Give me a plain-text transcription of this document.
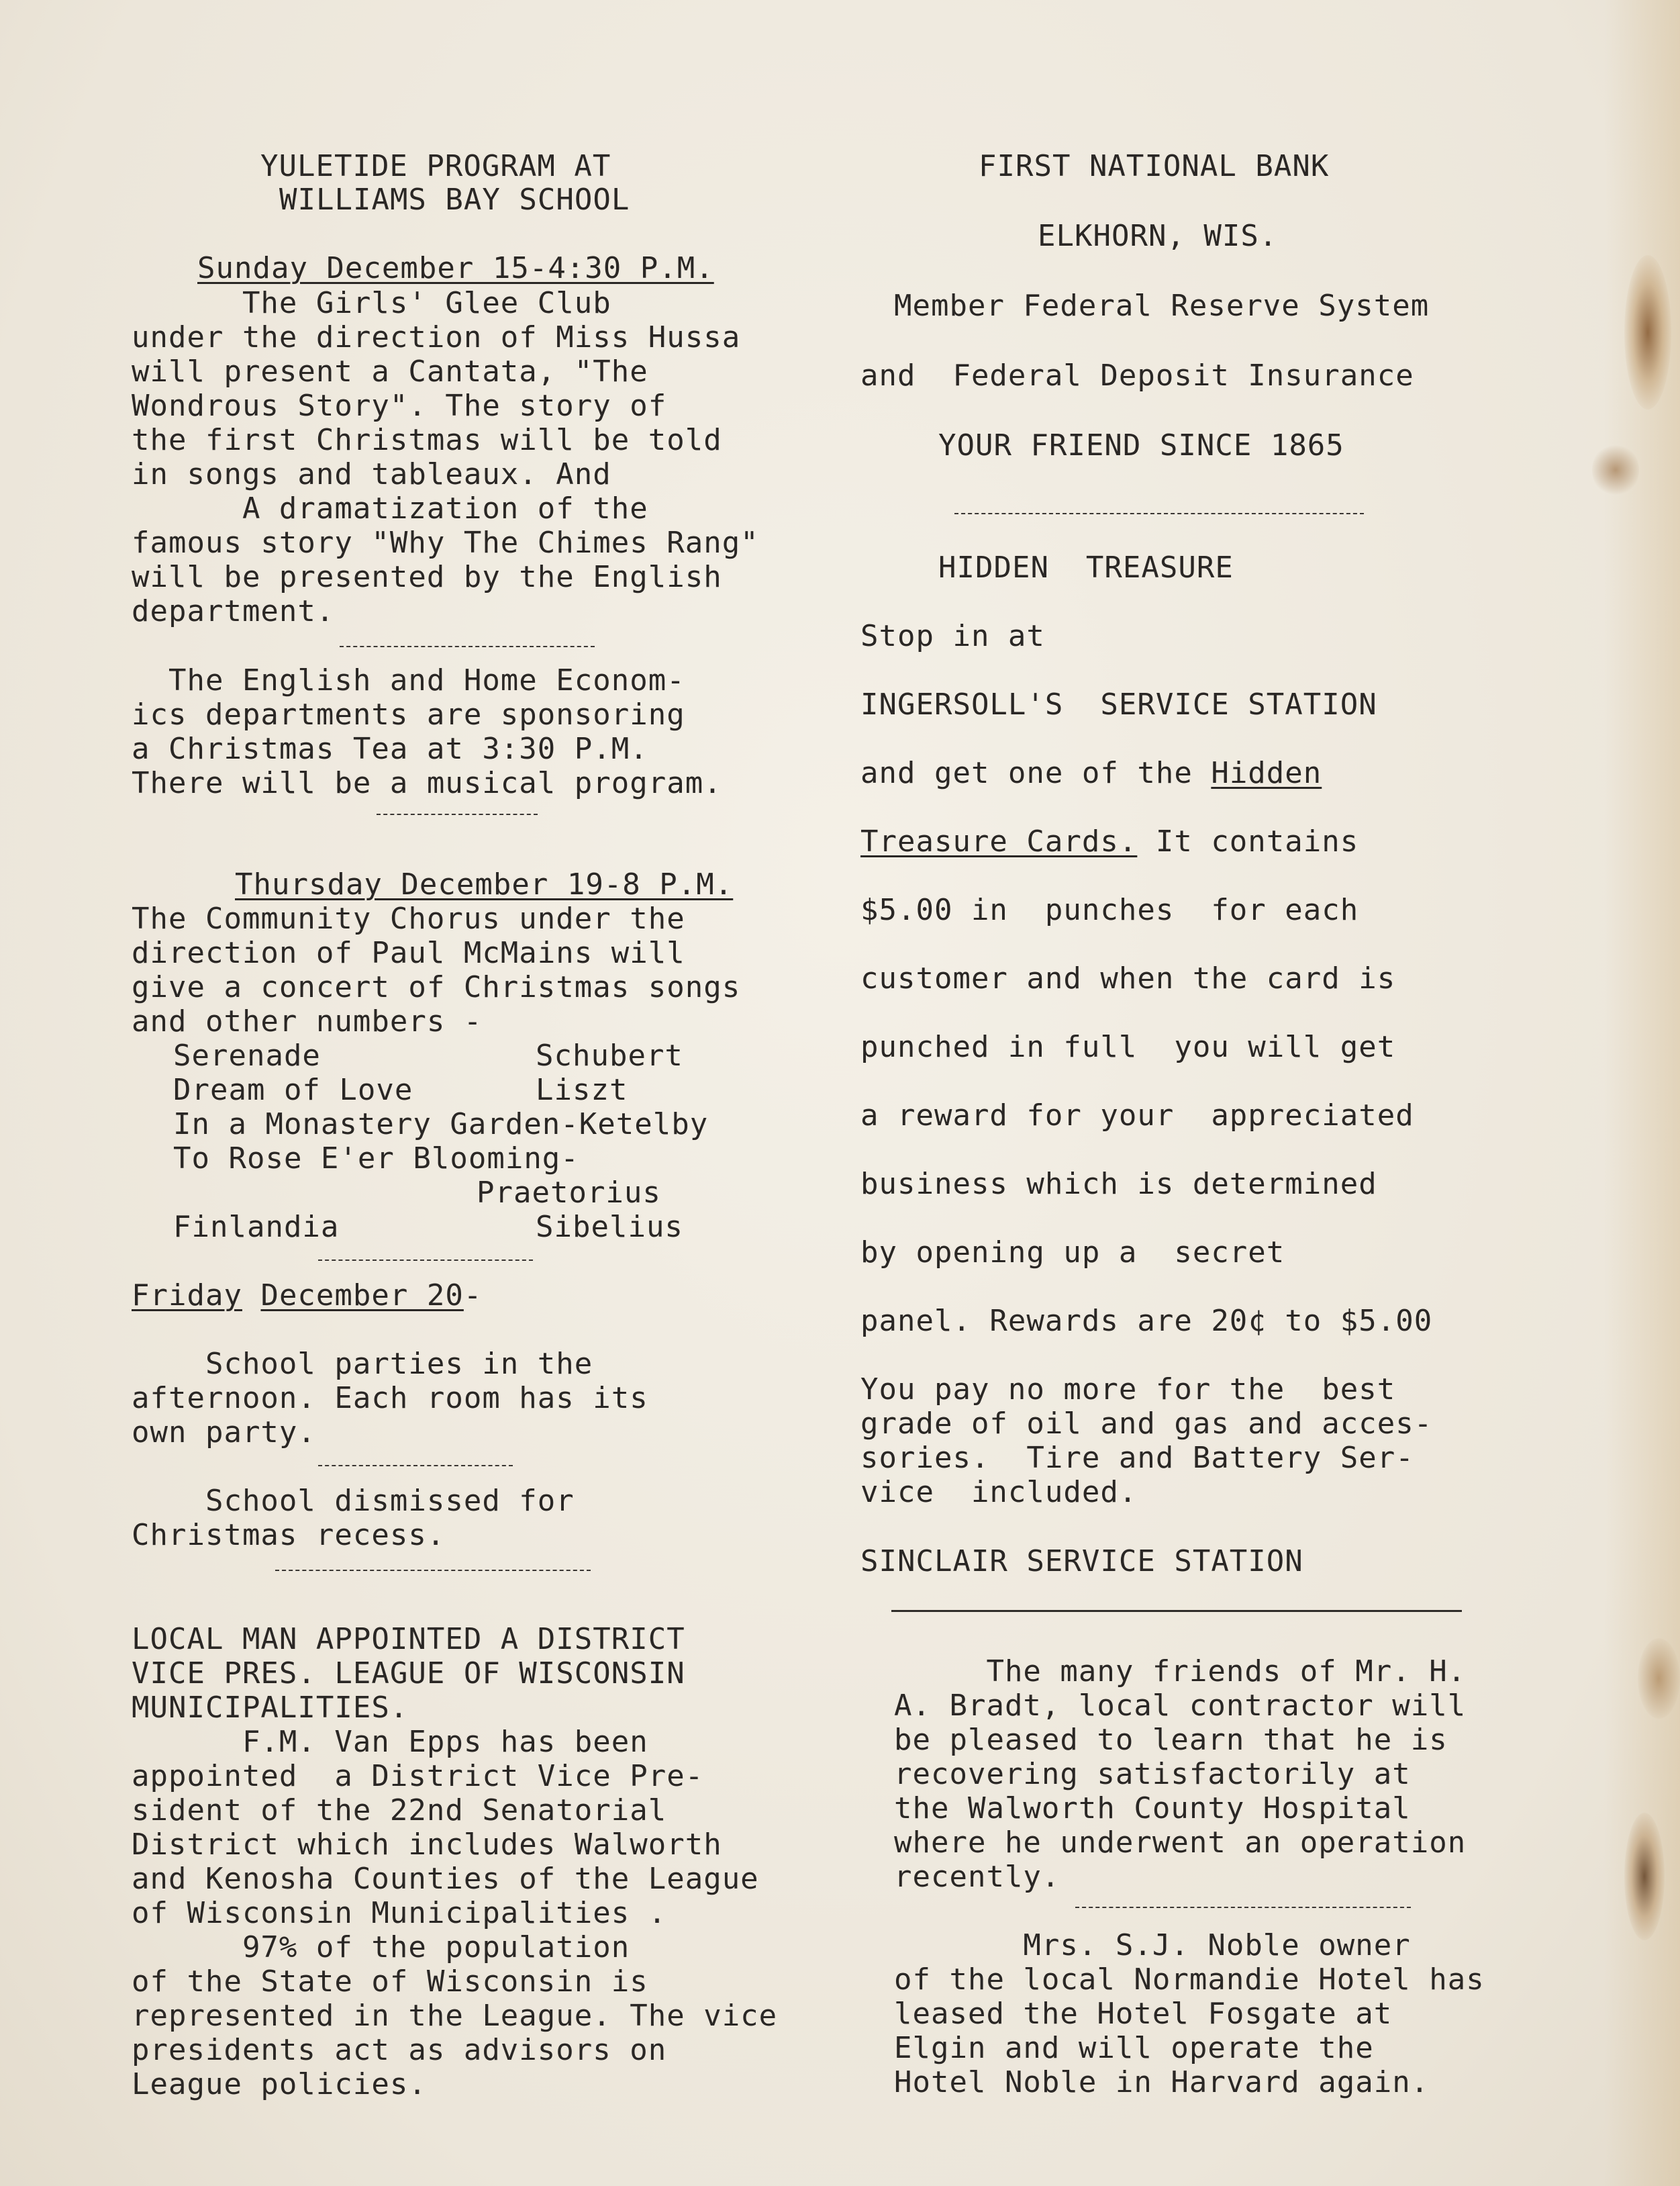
YULETIDE PROGRAM AT

WILLIAMS BAY SCHOOL

Sunday December 15-4:30 P.M.

The Girls' Glee Club

under the direction of Miss Hussa

will present a Cantata, "The

Wondrous Story". The story of

the first Christmas will be told

in songs and tableaux. And

A dramatization of the

famous story "Why The Chimes Rang"

will be presented by the English

department.

The English and Home Econom-

ics departments are sponsoring

a Christmas Tea at 3:30 P.M.

There will be a musical program.

Thursday December 19-8 P.M.

The Community Chorus under the

direction of Paul McMains will

give a concert of Christmas songs

and other numbers -

Serenade	Schubert

Dream of Love	Liszt

In a Monastery Garden-Ketelby

To Rose E'er Blooming-

Praetorius

Finlandia	Sibelius

Friday December 20-

School parties in the

afternoon. Each room has its

own party.

School dismissed for

Christmas recess.

LOCAL MAN APPOINTED A DISTRICT

VICE PRES. LEAGUE OF WISCONSIN

MUNICIPALITIES.

F.M. Van Epps has been

appointed  a District Vice Pre-

sident of the 22nd Senatorial

District which includes Walworth

and Kenosha Counties of the League

of Wisconsin Municipalities .

97% of the population

of the State of Wisconsin is

represented in the League. The vice

presidents act as advisors on

League policies.

FIRST NATIONAL BANK

ELKHORN, WIS.

Member Federal Reserve System

and  Federal Deposit Insurance

YOUR FRIEND SINCE 1865

HIDDEN  TREASURE

Stop in at

INGERSOLL'S  SERVICE STATION

and get one of the Hidden

Treasure Cards. It contains

$5.00 in  punches  for each

customer and when the card is

punched in full  you will get

a reward for your  appreciated

business which is determined

by opening up a  secret

panel. Rewards are 20¢ to $5.00

You pay no more for the  best

grade of oil and gas and acces-

sories.  Tire and Battery Ser-

vice  included.

SINCLAIR SERVICE STATION

The many friends of Mr. H.

A. Bradt, local contractor will

be pleased to learn that he is

recovering satisfactorily at

the Walworth County Hospital

where he underwent an operation

recently.

Mrs. S.J. Noble owner

of the local Normandie Hotel has

leased the Hotel Fosgate at

Elgin and will operate the

Hotel Noble in Harvard again.
